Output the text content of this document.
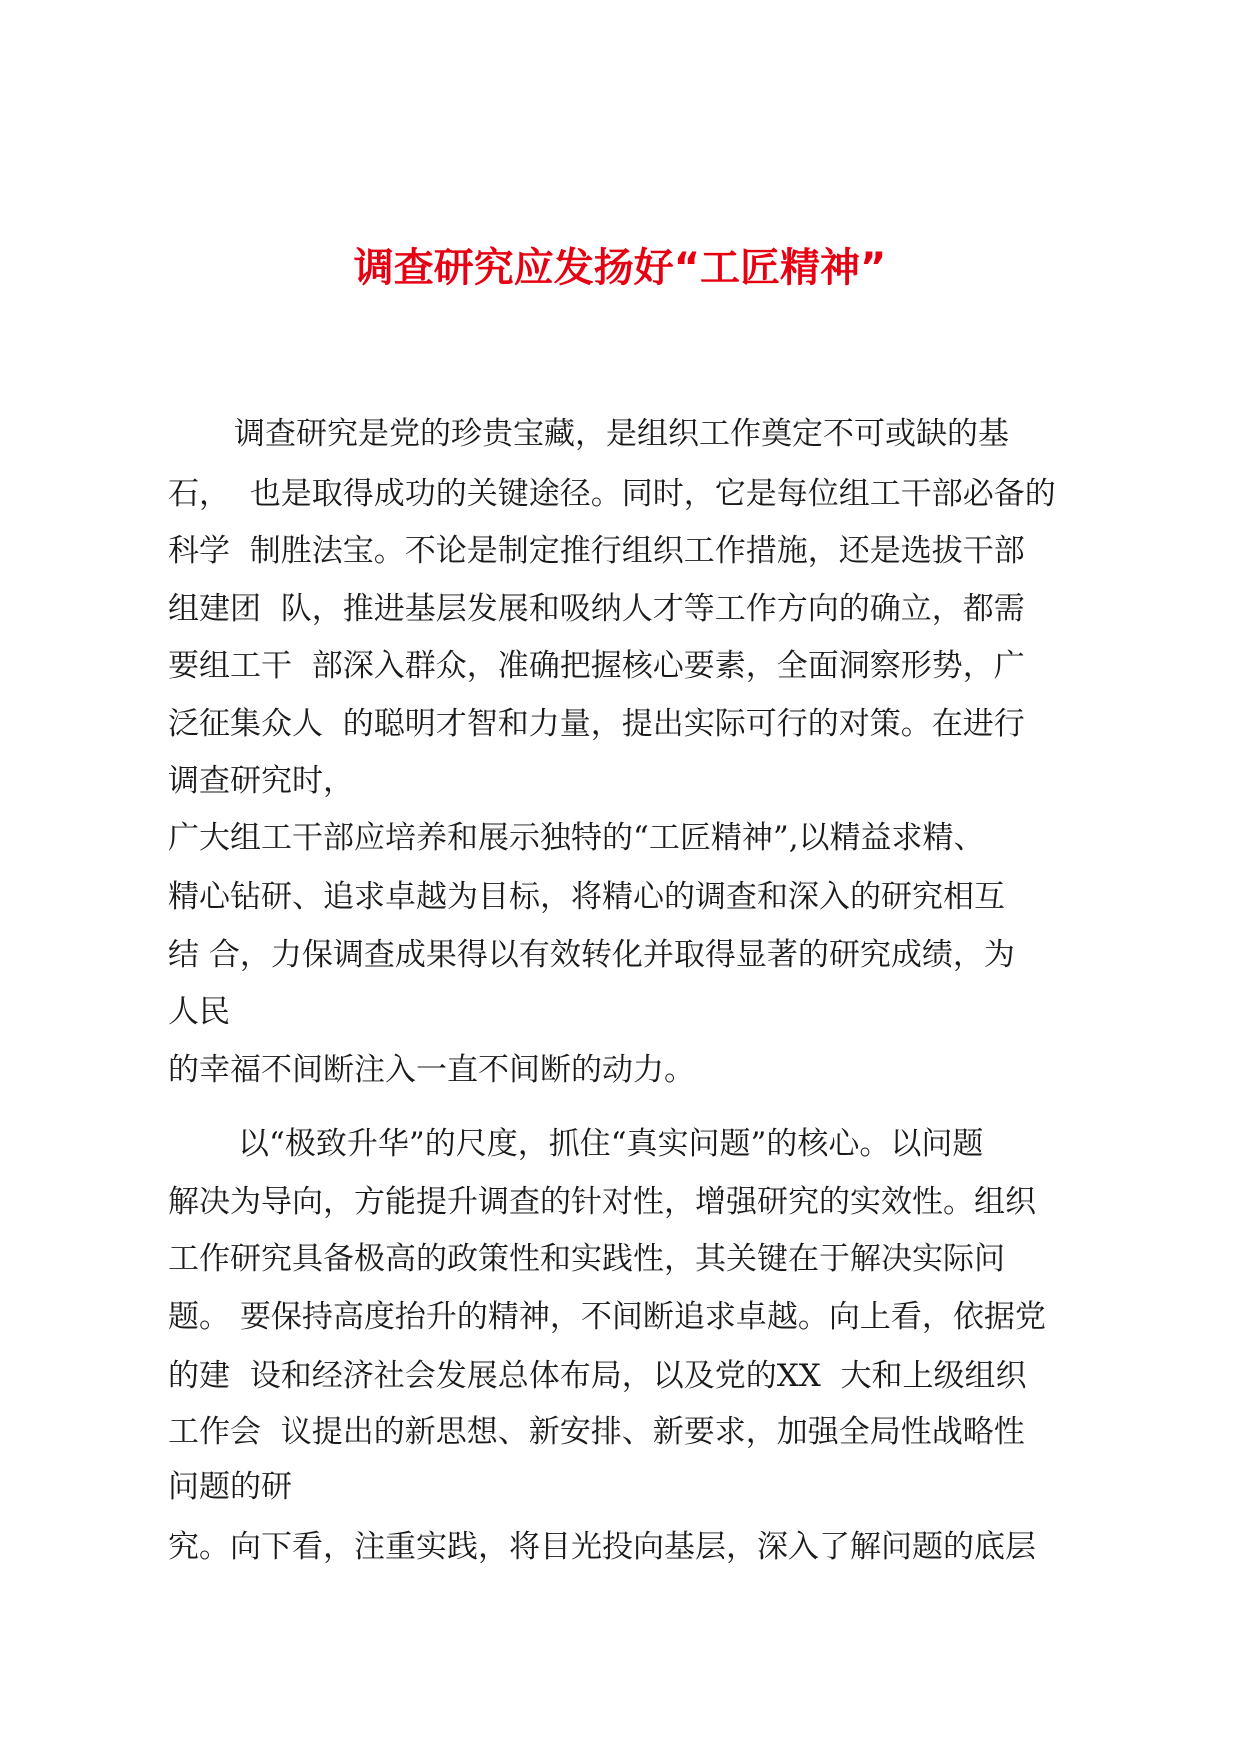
调查研究应发扬好“工匠精神”
调查研究是党的珍贵宝藏，是组织工作奠定不可或缺的基
石，  也是取得成功的关键途径。同时，它是每位组工干部必备的
科学  制胜法宝。不论是制定推行组织工作措施，还是选拔干部
组建团  队，推进基层发展和吸纳人才等工作方向的确立，都需
要组工干  部深入群众，准确把握核心要素，全面洞察形势，广
泛征集众人  的聪明才智和力量，提出实际可行的对策。在进行
调查研究时，
广大组工干部应培养和展示独特的“工匠精神”,以精益求精、
精心钻研、追求卓越为目标，将精心的调查和深入的研究相互
结 合，力保调查成果得以有效转化并取得显著的研究成绩，为
人民
的幸福不间断注入一直不间断的动力。
以“极致升华”的尺度，抓住“真实问题”的核心。以问题
解决为导向，方能提升调查的针对性，增强研究的实效性。组织
工作研究具备极高的政策性和实践性，其关键在于解决实际问
题。 要保持高度抬升的精神，不间断追求卓越。向上看，依据党
的建  设和经济社会发展总体布局，以及党的XX  大和上级组织
工作会  议提出的新思想、新安排、新要求，加强全局性战略性
问题的研
究。向下看，注重实践，将目光投向基层，深入了解问题的底层
